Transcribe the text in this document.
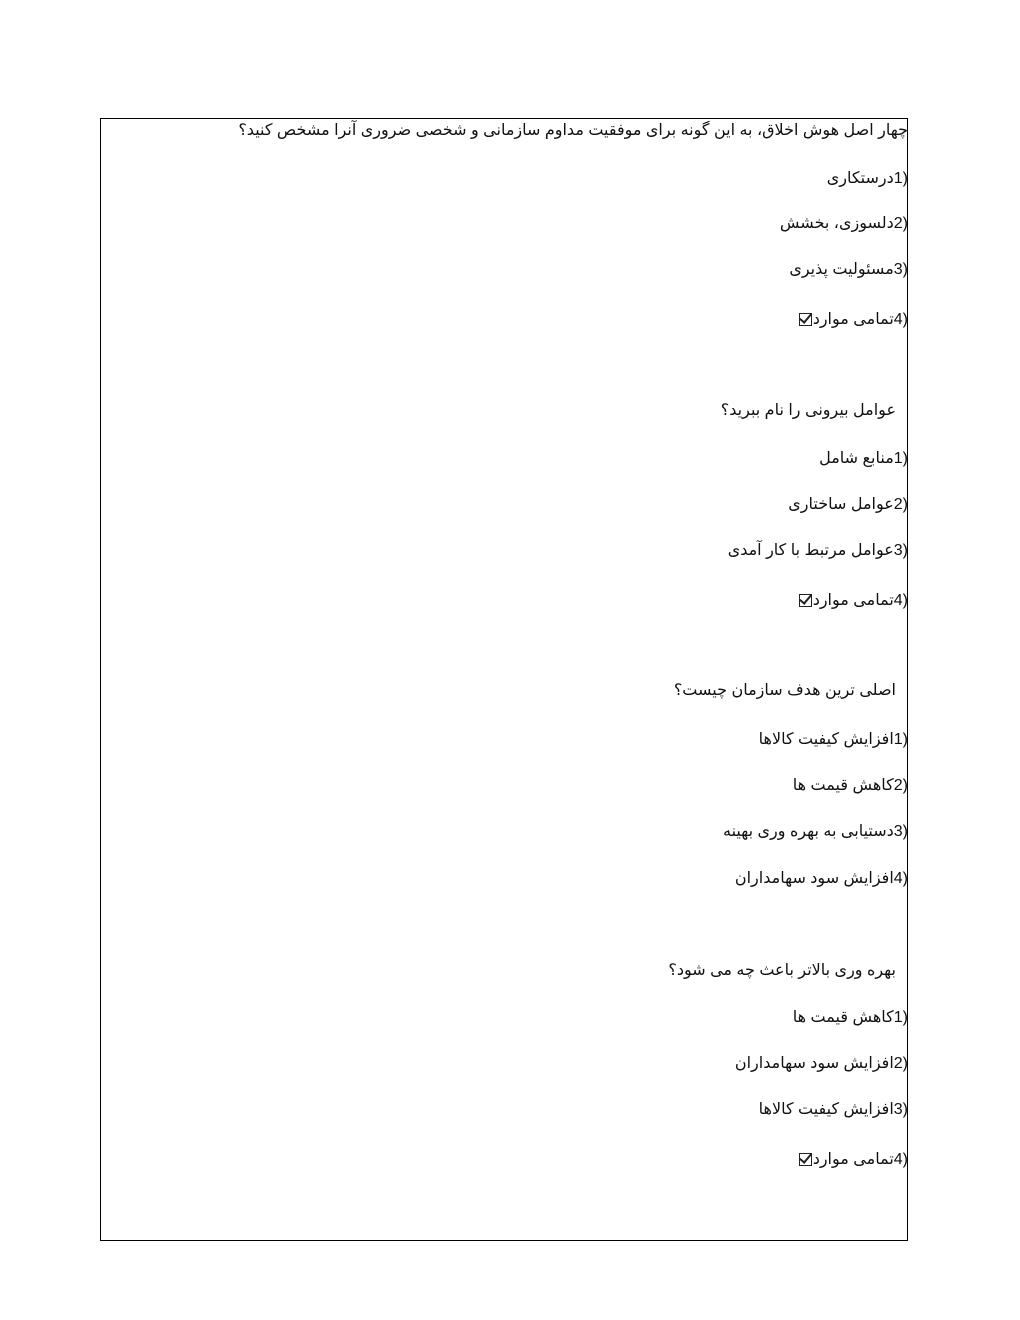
چهار اصل هوش اخلاق، به این گونه برای موفقیت مداوم سازمانی و شخصی ضروری آنرا مشخص کنید؟
(1درستکاری
(2دلسوزی، بخشش
(3مسئولیت پذیری
(4تمامی موارد
عوامل بیرونی را نام ببرید؟
(1منابع شامل
(2عوامل ساختاری
(3عوامل مرتبط با کار آمدی
(4تمامی موارد
اصلی ترین هدف سازمان چیست؟
(1افزایش کیفیت کالاها
(2کاهش قیمت ها
(3دستیابی به بهره وری بهینه
(4افزایش سود سهامداران
بهره وری بالاتر باعث چه می شود؟
(1کاهش قیمت ها
(2افزایش سود سهامداران
(3افزایش کیفیت کالاها
(4تمامی موارد
